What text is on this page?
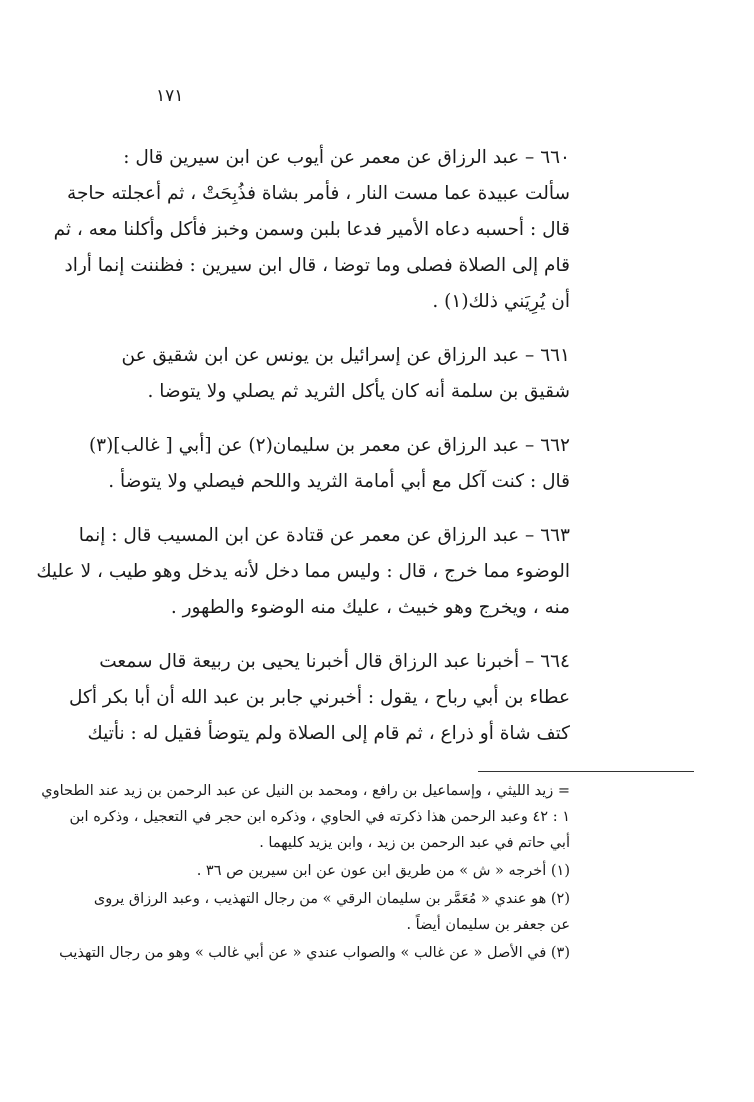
١٧١

٦٦٠ – عبد الرزاق عن معمر عن أيوب عن ابن سيرين قال :
سألت عبيدة عما مست النار ، فأمر بشاة فذُبِحَتْ ، ثم أعجلته حاجة
قال : أحسبه دعاه الأمير فدعا بلبن وسمن وخبز فأكل وأكلنا معه ، ثم
قام إلى الصلاة فصلى وما توضا ، قال ابن سيرين : فظننت إنما أراد
أن يُرِيَني ذلك(١) .

٦٦١ – عبد الرزاق عن إسرائيل بن يونس عن ابن شقيق عن
شقيق بن سلمة أنه كان يأكل الثريد ثم يصلي ولا يتوضا .

٦٦٢ – عبد الرزاق عن معمر بن سليمان(٢) عن [أبي [ غالب](٣)
قال : كنت آكل مع أبي أمامة الثريد واللحم فيصلي ولا يتوضأ .

٦٦٣ – عبد الرزاق عن معمر عن قتادة عن ابن المسيب قال : إنما
الوضوء مما خرج ، قال : وليس مما دخل لأنه يدخل وهو طيب ، لا عليك
منه ، ويخرج وهو خبيث ، عليك منه الوضوء والطهور .

٦٦٤ – أخبرنا عبد الرزاق قال أخبرنا يحيى بن ربيعة قال سمعت
عطاء بن أبي رباح ، يقول : أخبرني جابر بن عبد الله أن أبا بكر أكل
كتف شاة أو ذراع ، ثم قام إلى الصلاة ولم يتوضأ فقيل له : نأتيك

= زيد الليثي ، وإسماعيل بن رافع ، ومحمد بن النيل عن عبد الرحمن بن زيد عند الطحاوي
١ : ٤٢ وعبد الرحمن هذا ذكرته في الحاوي ، وذكره ابن حجر في التعجيل ، وذكره ابن
أبي حاتم في عبد الرحمن بن زيد ، وابن يزيد كليهما .
(١) أخرجه « ش » من طريق ابن عون عن ابن سيرين ص ٣٦ .
(٢) هو عندي « مُعَمَّر بن سليمان الرقي » من رجال التهذيب ، وعبد الرزاق يروى
عن جعفر بن سليمان أيضاً .
(٣) في الأصل « عن غالب » والصواب عندي « عن أبي غالب » وهو من رجال التهذيب
